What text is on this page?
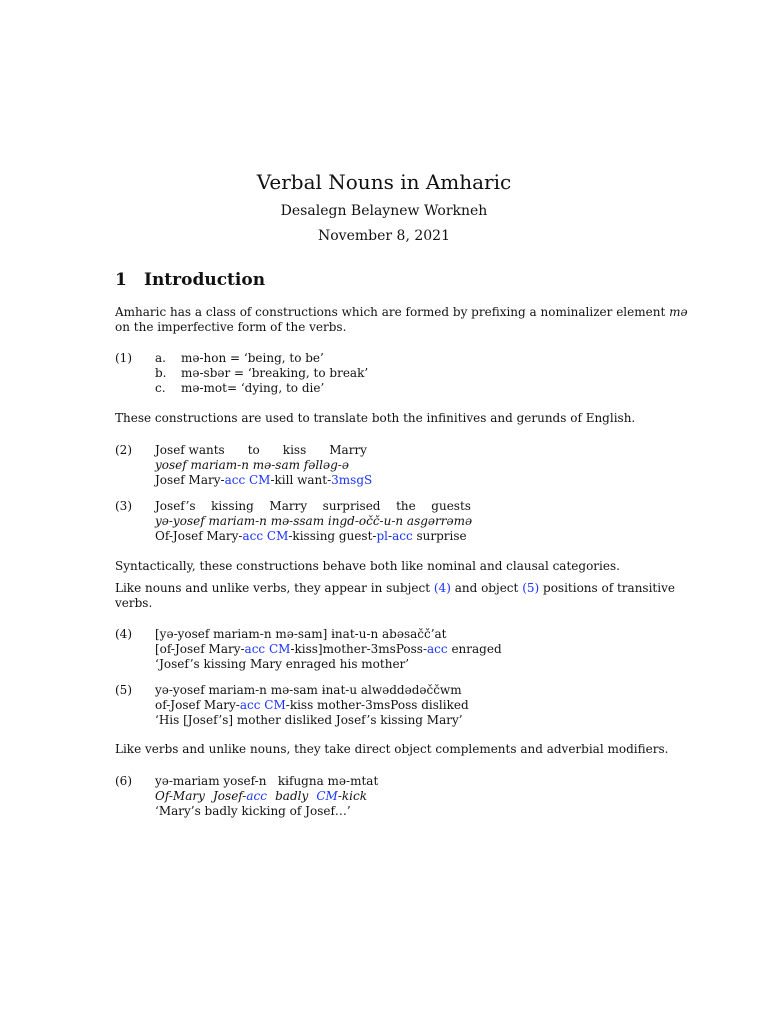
Verbal Nouns in Amharic
Desalegn Belaynew Workneh
November 8, 2021
1 Introduction
Amharic has a class of constructions which are formed by prefixing a nominalizer element mə
on the imperfective form of the verbs.
(1) a. mə-hon = ‘being, to be’
b. mə-sbər = ‘breaking, to break’
c. mə-mot= ‘dying, to die’
These constructions are used to translate both the infinitives and gerunds of English.
(2) Josef wants to kiss Marry
yosef mariam-n mə-sam fəlləg-ə
Josef Mary-acc CM-kill want-3msgS
(3) Josef’s kissing Marry surprised the guests
yə-yosef mariam-n mə-ssam ingd-očč-u-n asgərrəmə
Of-Josef Mary-acc CM-kissing guest-pl-acc surprise
Syntactically, these constructions behave both like nominal and clausal categories.
Like nouns and unlike verbs, they appear in subject (4) and object (5) positions of transitive
verbs.
(4) [yə-yosef mariam-n mə-sam] ɨnat-u-n abəsačč’at
[of-Josef Mary-acc CM-kiss]mother-3msPoss-acc enraged
‘Josef’s kissing Mary enraged his mother’
(5) yə-yosef mariam-n mə-sam ɨnat-u alwəddədəččwm
of-Josef Mary-acc CM-kiss mother-3msPoss disliked
‘His [Josef’s] mother disliked Josef’s kissing Mary’
Like verbs and unlike nouns, they take direct object complements and adverbial modifiers.
(6) yə-mariam yosef-n   kɨfugna mə-mtat
Of-Mary Josef-acc badly CM-kick
‘Mary’s badly kicking of Josef…’
